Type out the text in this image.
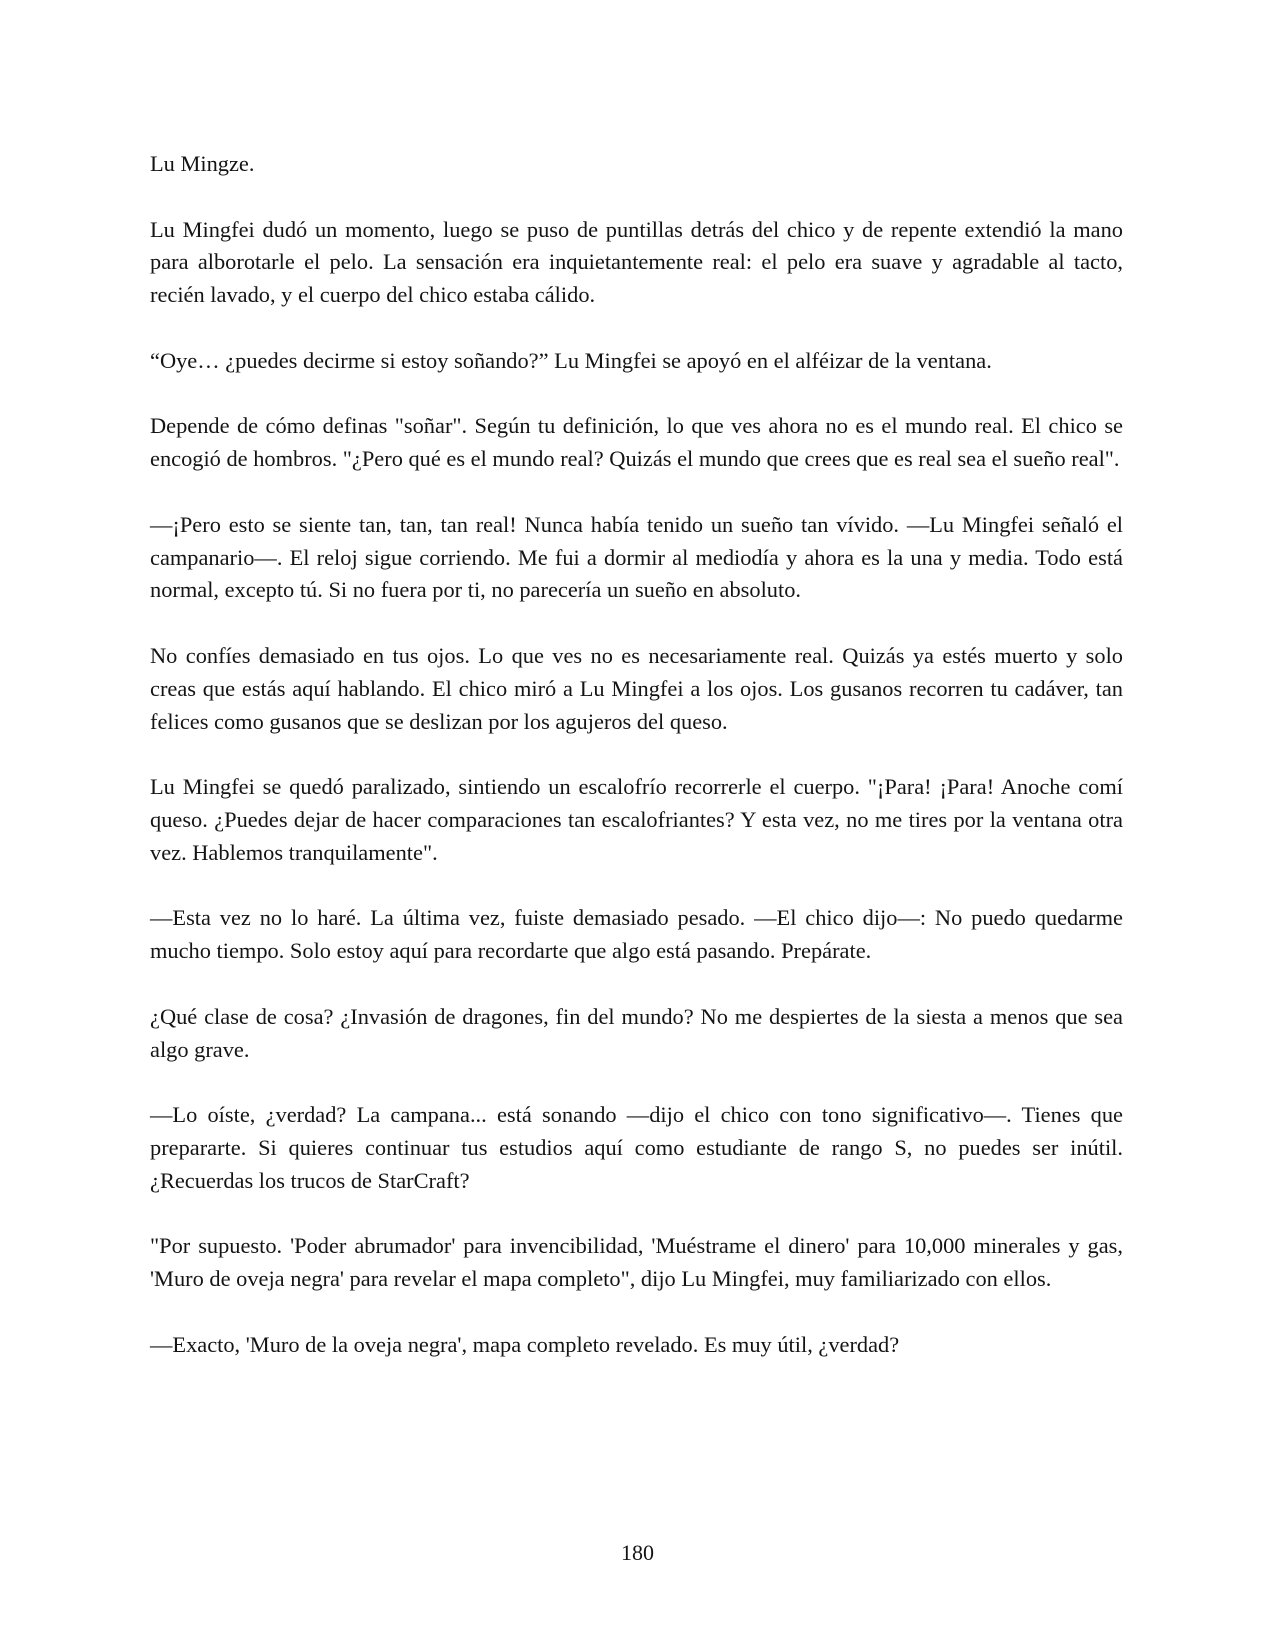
Lu Mingze.

Lu Mingfei dudó un momento, luego se puso de puntillas detrás del chico y de repente extendió la mano para alborotarle el pelo. La sensación era inquietantemente real: el pelo era suave y agradable al tacto, recién lavado, y el cuerpo del chico estaba cálido.

“Oye… ¿puedes decirme si estoy soñando?” Lu Mingfei se apoyó en el alféizar de la ventana.

Depende de cómo definas "soñar". Según tu definición, lo que ves ahora no es el mundo real. El chico se encogió de hombros. "¿Pero qué es el mundo real? Quizás el mundo que crees que es real sea el sueño real".

—¡Pero esto se siente tan, tan, tan real! Nunca había tenido un sueño tan vívido. —Lu Mingfei señaló el campanario—. El reloj sigue corriendo. Me fui a dormir al mediodía y ahora es la una y media. Todo está normal, excepto tú. Si no fuera por ti, no parecería un sueño en absoluto.

No confíes demasiado en tus ojos. Lo que ves no es necesariamente real. Quizás ya estés muerto y solo creas que estás aquí hablando. El chico miró a Lu Mingfei a los ojos. Los gusanos recorren tu cadáver, tan felices como gusanos que se deslizan por los agujeros del queso.

Lu Mingfei se quedó paralizado, sintiendo un escalofrío recorrerle el cuerpo. "¡Para! ¡Para! Anoche comí queso. ¿Puedes dejar de hacer comparaciones tan escalofriantes? Y esta vez, no me tires por la ventana otra vez. Hablemos tranquilamente".

—Esta vez no lo haré. La última vez, fuiste demasiado pesado. —El chico dijo—: No puedo quedarme mucho tiempo. Solo estoy aquí para recordarte que algo está pasando. Prepárate.

¿Qué clase de cosa? ¿Invasión de dragones, fin del mundo? No me despiertes de la siesta a menos que sea algo grave.

—Lo oíste, ¿verdad? La campana... está sonando —dijo el chico con tono significativo—. Tienes que prepararte. Si quieres continuar tus estudios aquí como estudiante de rango S, no puedes ser inútil. ¿Recuerdas los trucos de StarCraft?

"Por supuesto. 'Poder abrumador' para invencibilidad, 'Muéstrame el dinero' para 10,000 minerales y gas, 'Muro de oveja negra' para revelar el mapa completo", dijo Lu Mingfei, muy familiarizado con ellos.

—Exacto, 'Muro de la oveja negra', mapa completo revelado. Es muy útil, ¿verdad?

180
